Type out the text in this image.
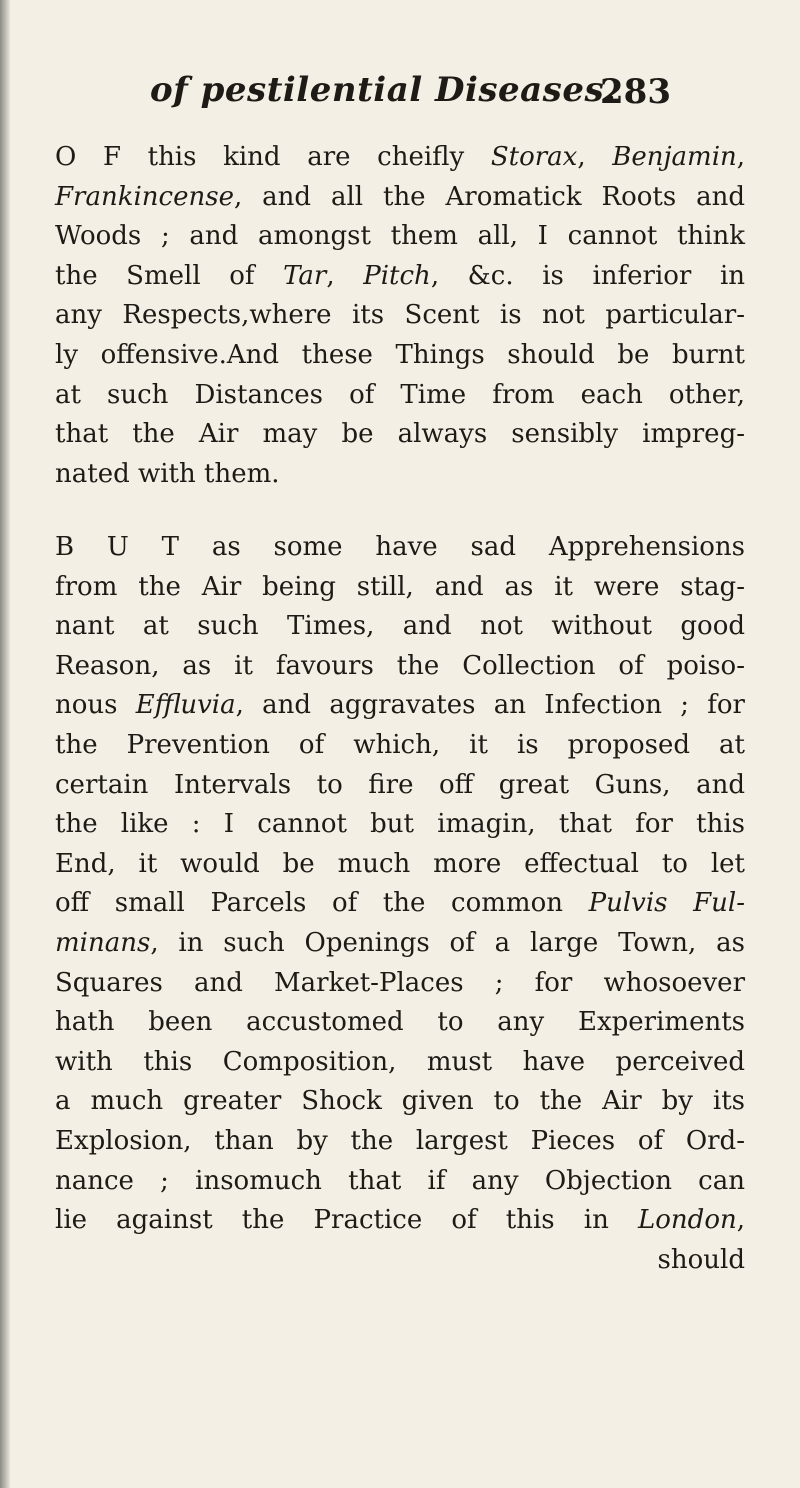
of pestilential Diseases.
283
O F this kind are cheifly Storax, Benjamin,
Frankincense, and all the Aromatick Roots and
Woods ; and amongst them all, I cannot think
the Smell of Tar, Pitch, &c. is inferior in
any Respects,where its Scent is not particular-
ly offensive.And these Things should be burnt
at such Distances of Time from each other,
that the Air may be always sensibly impreg-
nated with them.
B U T as some have sad Apprehensions
from the Air being still, and as it were stag-
nant at such Times, and not without good
Reason, as it favours the Collection of poiso-
nous Effluvia, and aggravates an Infection ; for
the Prevention of which, it is proposed at
certain Intervals to fire off great Guns, and
the like : I cannot but imagin, that for this
End, it would be much more effectual to let
off small Parcels of the common Pulvis Ful-
minans, in such Openings of a large Town, as
Squares and Market-Places ; for whosoever
hath been accustomed to any Experiments
with this Composition, must have perceived
a much greater Shock given to the Air by its
Explosion, than by the largest Pieces of Ord-
nance ; insomuch that if any Objection can
lie against the Practice of this in London,
should
